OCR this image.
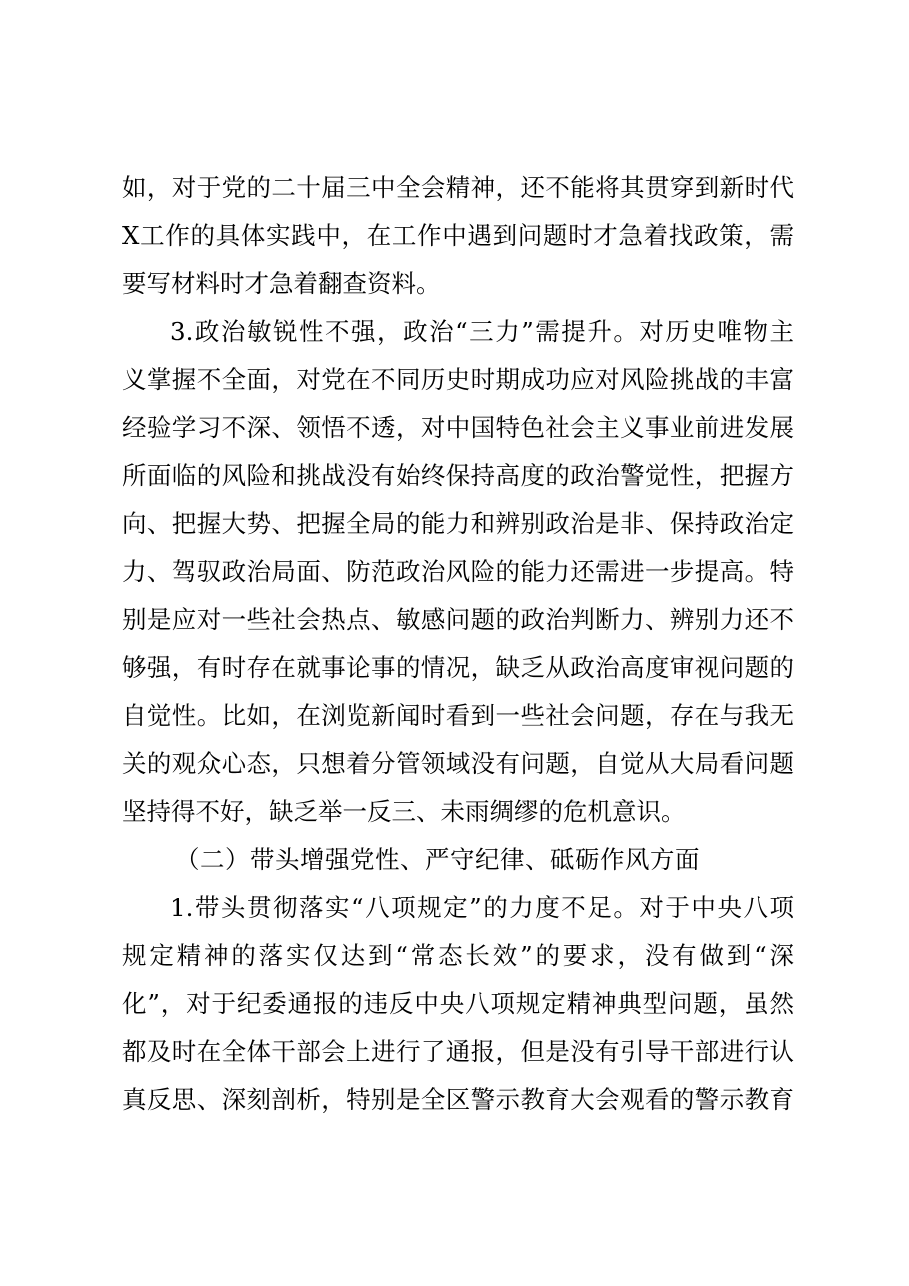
如，对于党的二十届三中全会精神，还不能将其贯穿到新时代
X工作的具体实践中，在工作中遇到问题时才急着找政策，需
要写材料时才急着翻查资料。
3.政治敏锐性不强，政治“三力”需提升。对历史唯物主
义掌握不全面，对党在不同历史时期成功应对风险挑战的丰富
经验学习不深、领悟不透，对中国特色社会主义事业前进发展
所面临的风险和挑战没有始终保持高度的政治警觉性，把握方
向、把握大势、把握全局的能力和辨别政治是非、保持政治定
力、驾驭政治局面、防范政治风险的能力还需进一步提高。特
别是应对一些社会热点、敏感问题的政治判断力、辨别力还不
够强，有时存在就事论事的情况，缺乏从政治高度审视问题的
自觉性。比如，在浏览新闻时看到一些社会问题，存在与我无
关的观众心态，只想着分管领域没有问题，自觉从大局看问题
坚持得不好，缺乏举一反三、未雨绸缪的危机意识。
（二）带头增强党性、严守纪律、砥砺作风方面
1.带头贯彻落实“八项规定”的力度不足。对于中央八项
规定精神的落实仅达到“常态长效”的要求，没有做到“深
化”，对于纪委通报的违反中央八项规定精神典型问题，虽然
都及时在全体干部会上进行了通报，但是没有引导干部进行认
真反思、深刻剖析，特别是全区警示教育大会观看的警示教育
